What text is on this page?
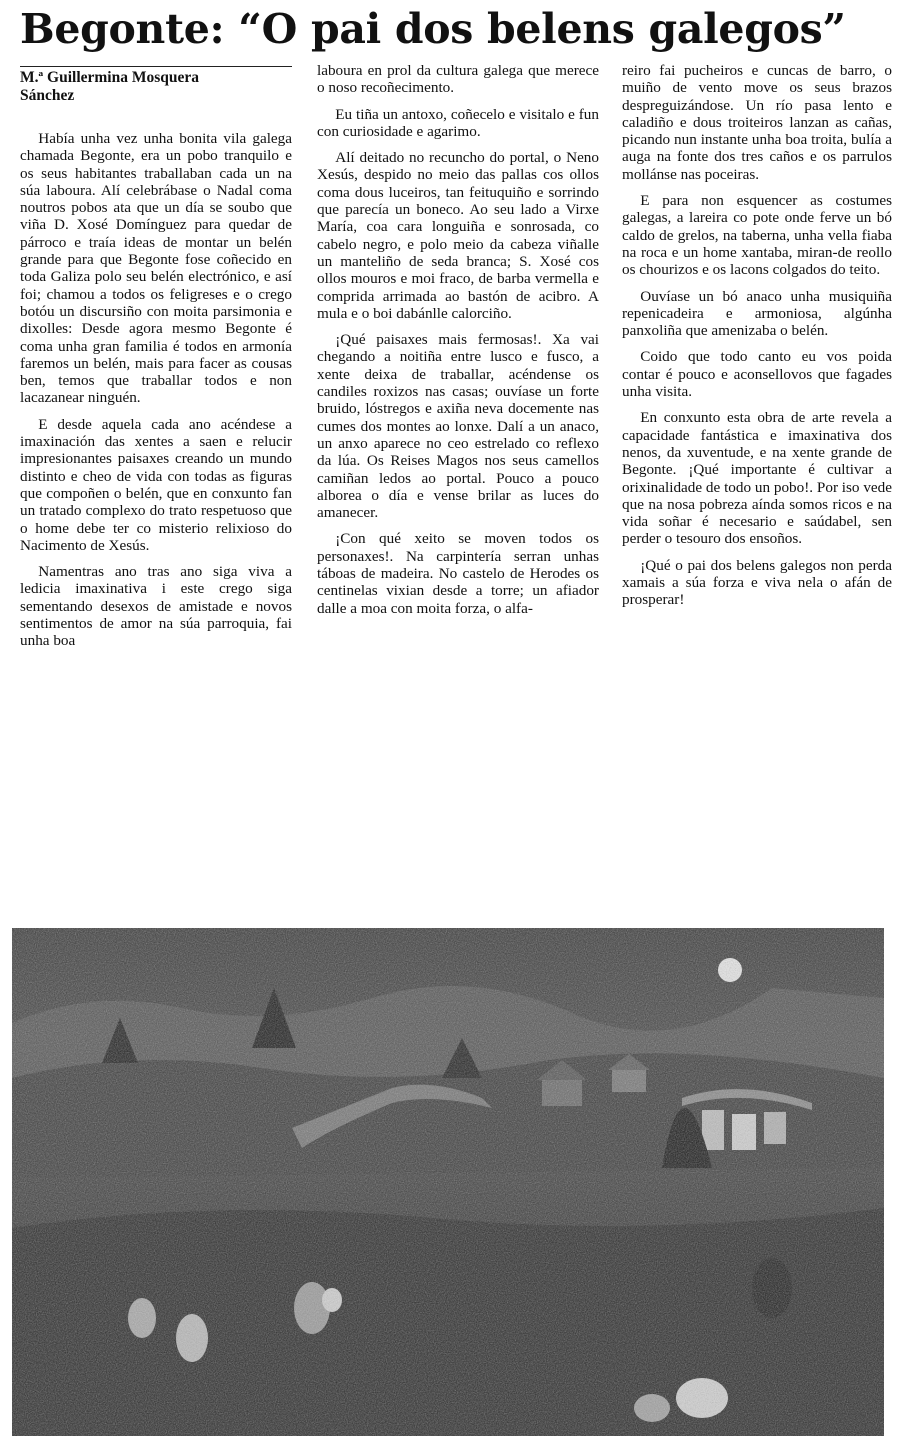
Begonte: “O pai dos belens galegos”
M.ª Guillermina Mosquera
Sánchez

Había unha vez unha bonita vila galega chamada Begonte, era un pobo tranquilo e os seus habitantes traballaban cada un na súa laboura. Alí celebrábase o Nadal coma noutros pobos ata que un día se soubo que viña D. Xosé Domínguez para quedar de párroco e traía ideas de montar un belén grande para que Begonte fose coñecido en toda Galiza polo seu belén electrónico, e así foi; chamou a todos os feligreses e o crego botóu un discursiño con moita parsimonia e dixolles: Desde agora mesmo Begonte é coma unha gran familia é todos en armonía faremos un belén, mais para facer as cousas ben, temos que traballar todos e non lacazanear ninguén.

E desde aquela cada ano acéndese a imaxinación das xentes a saen e relucir impresionantes paisaxes creando un mundo distinto e cheo de vida con todas as figuras que compoñen o belén, que en conxunto fan un tratado complexo do trato respetuoso que o home debe ter co misterio relixioso do Nacimento de Xesús.

Namentras ano tras ano siga viva a ledicia imaxinativa i este crego siga sementando desexos de amistade e novos sentimentos de amor na súa parroquia, fai unha boa

laboura en prol da cultura galega que merece o noso recoñecimento.

Eu tiña un antoxo, coñecelo e visitalo e fun con curiosidade e agarimo.

Alí deitado no recuncho do portal, o Neno Xesús, despido no meio das pallas cos ollos coma dous luceiros, tan feituquiño e sorrindo que parecía un boneco. Ao seu lado a Virxe María, coa cara longuiña e sonrosada, co cabelo negro, e polo meio da cabeza viñalle un manteliño de seda branca; S. Xosé cos ollos mouros e moi fraco, de barba vermella e comprida arrimada ao bastón de acibro. A mula e o boi dabánlle calorciño.

¡Qué paisaxes mais fermosas!. Xa vai chegando a noitiña entre lusco e fusco, a xente deixa de traballar, acéndense os candiles roxizos nas casas; ouvíase un forte bruido, lóstregos e axiña neva docemente nas cumes dos montes ao lonxe. Dalí a un anaco, un anxo aparece no ceo estrelado co reflexo da lúa. Os Reises Magos nos seus camellos camiñan ledos ao portal. Pouco a pouco alborea o día e vense brilar as luces do amanecer.

¡Con qué xeito se moven todos os personaxes!. Na carpintería serran unhas táboas de madeira. No castelo de Herodes os centinelas vixian desde a torre; un afiador dalle a moa con moita forza, o alfa-

reiro fai pucheiros e cuncas de barro, o muiño de vento move os seus brazos despreguizándose. Un río pasa lento e caladiño e dous troiteiros lanzan as cañas, picando nun instante unha boa troita, bulía a auga na fonte dos tres caños e os parrulos mollánse nas poceiras.

E para non esquencer as costumes galegas, a lareira co pote onde ferve un bó caldo de grelos, na taberna, unha vella fiaba na roca e un home xantaba, miran-de reollo os chourizos e os lacons colgados do teito.

Ouvíase un bó anaco unha musiquiña repenicadeira e armoniosa, algúnha panxoliña que amenizaba o belén.

Coido que todo canto eu vos poida contar é pouco e aconsellovos que fagades unha visita.

En conxunto esta obra de arte revela a capacidade fantástica e imaxinativa dos nenos, da xuventude, e na xente grande de Begonte. ¡Qué importante é cultivar a orixinalidade de todo un pobo!. Por iso vede que na nosa pobreza aínda somos ricos e na vida soñar é necesario e saúdabel, sen perder o tesouro dos ensoños.

¡Qué o pai dos belens galegos non perda xamais a súa forza e viva nela o afán de prosperar!
